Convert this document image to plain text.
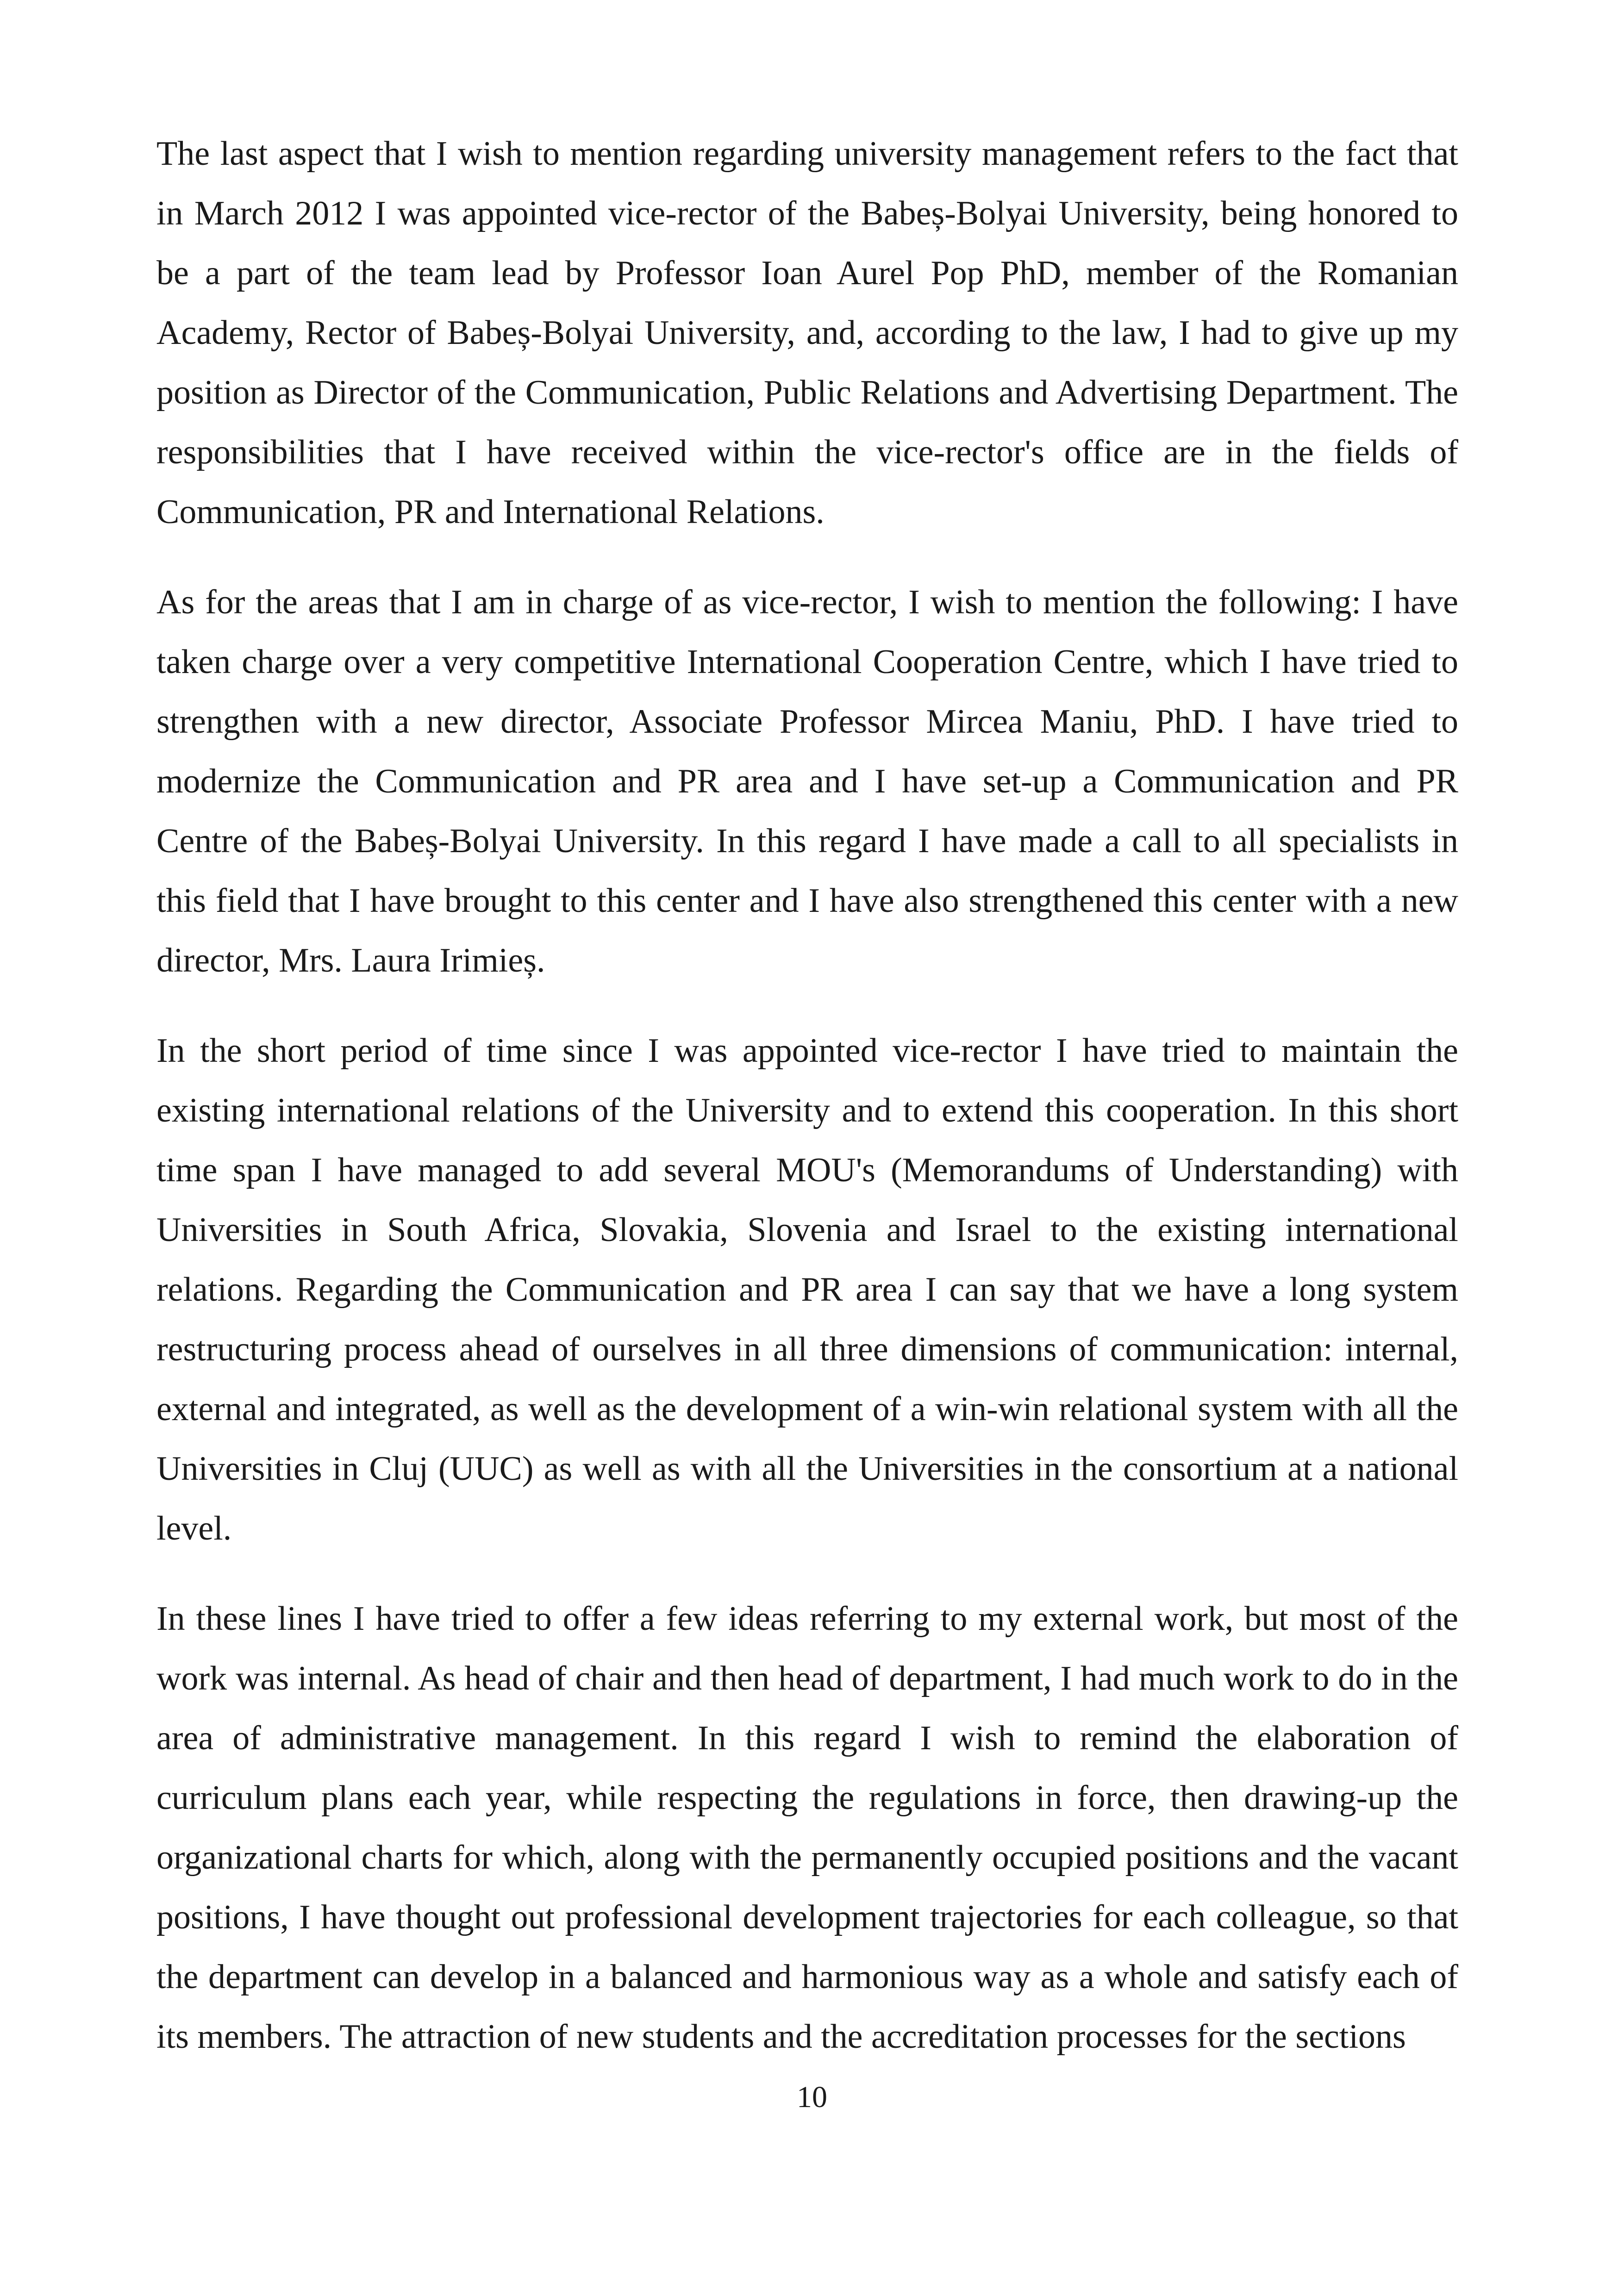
The last aspect that I wish to mention regarding university management refers to the fact that in March 2012 I was appointed vice-rector of the Babeș-Bolyai University, being honored to be a part of the team lead by Professor Ioan Aurel Pop PhD, member of the Romanian Academy, Rector of Babeș-Bolyai University, and, according to the law, I had to give up my position as Director of the Communication, Public Relations and Advertising Department. The responsibilities that I have received within the vice-rector's office are in the fields of Communication, PR and International Relations.

As for the areas that I am in charge of as vice-rector, I wish to mention the following: I have taken charge over a very competitive International Cooperation Centre, which I have tried to strengthen with a new director, Associate Professor Mircea Maniu, PhD. I have tried to modernize the Communication and PR area and I have set-up a Communication and PR Centre of the Babeș-Bolyai University. In this regard I have made a call to all specialists in this field that I have brought to this center and I have also strengthened this center with a new director, Mrs. Laura Irimieș.

In the short period of time since I was appointed vice-rector I have tried to maintain the existing international relations of the University and to extend this cooperation. In this short time span I have managed to add several MOU's (Memorandums of Understanding) with Universities in South Africa, Slovakia, Slovenia and Israel to the existing international relations. Regarding the Communication and PR area I can say that we have a long system restructuring process ahead of ourselves in all three dimensions of communication: internal, external and integrated, as well as the development of a win-win relational system with all the Universities in Cluj (UUC) as well as with all the Universities in the consortium at a national level.

In these lines I have tried to offer a few ideas referring to my external work, but most of the work was internal. As head of chair and then head of department, I had much work to do in the area of administrative management. In this regard I wish to remind the elaboration of curriculum plans each year, while respecting the regulations in force, then drawing-up the organizational charts for which, along with the permanently occupied positions and the vacant positions, I have thought out professional development trajectories for each colleague, so that the department can develop in a balanced and harmonious way as a whole and satisfy each of its members. The attraction of new students and the accreditation processes for the sections

10
